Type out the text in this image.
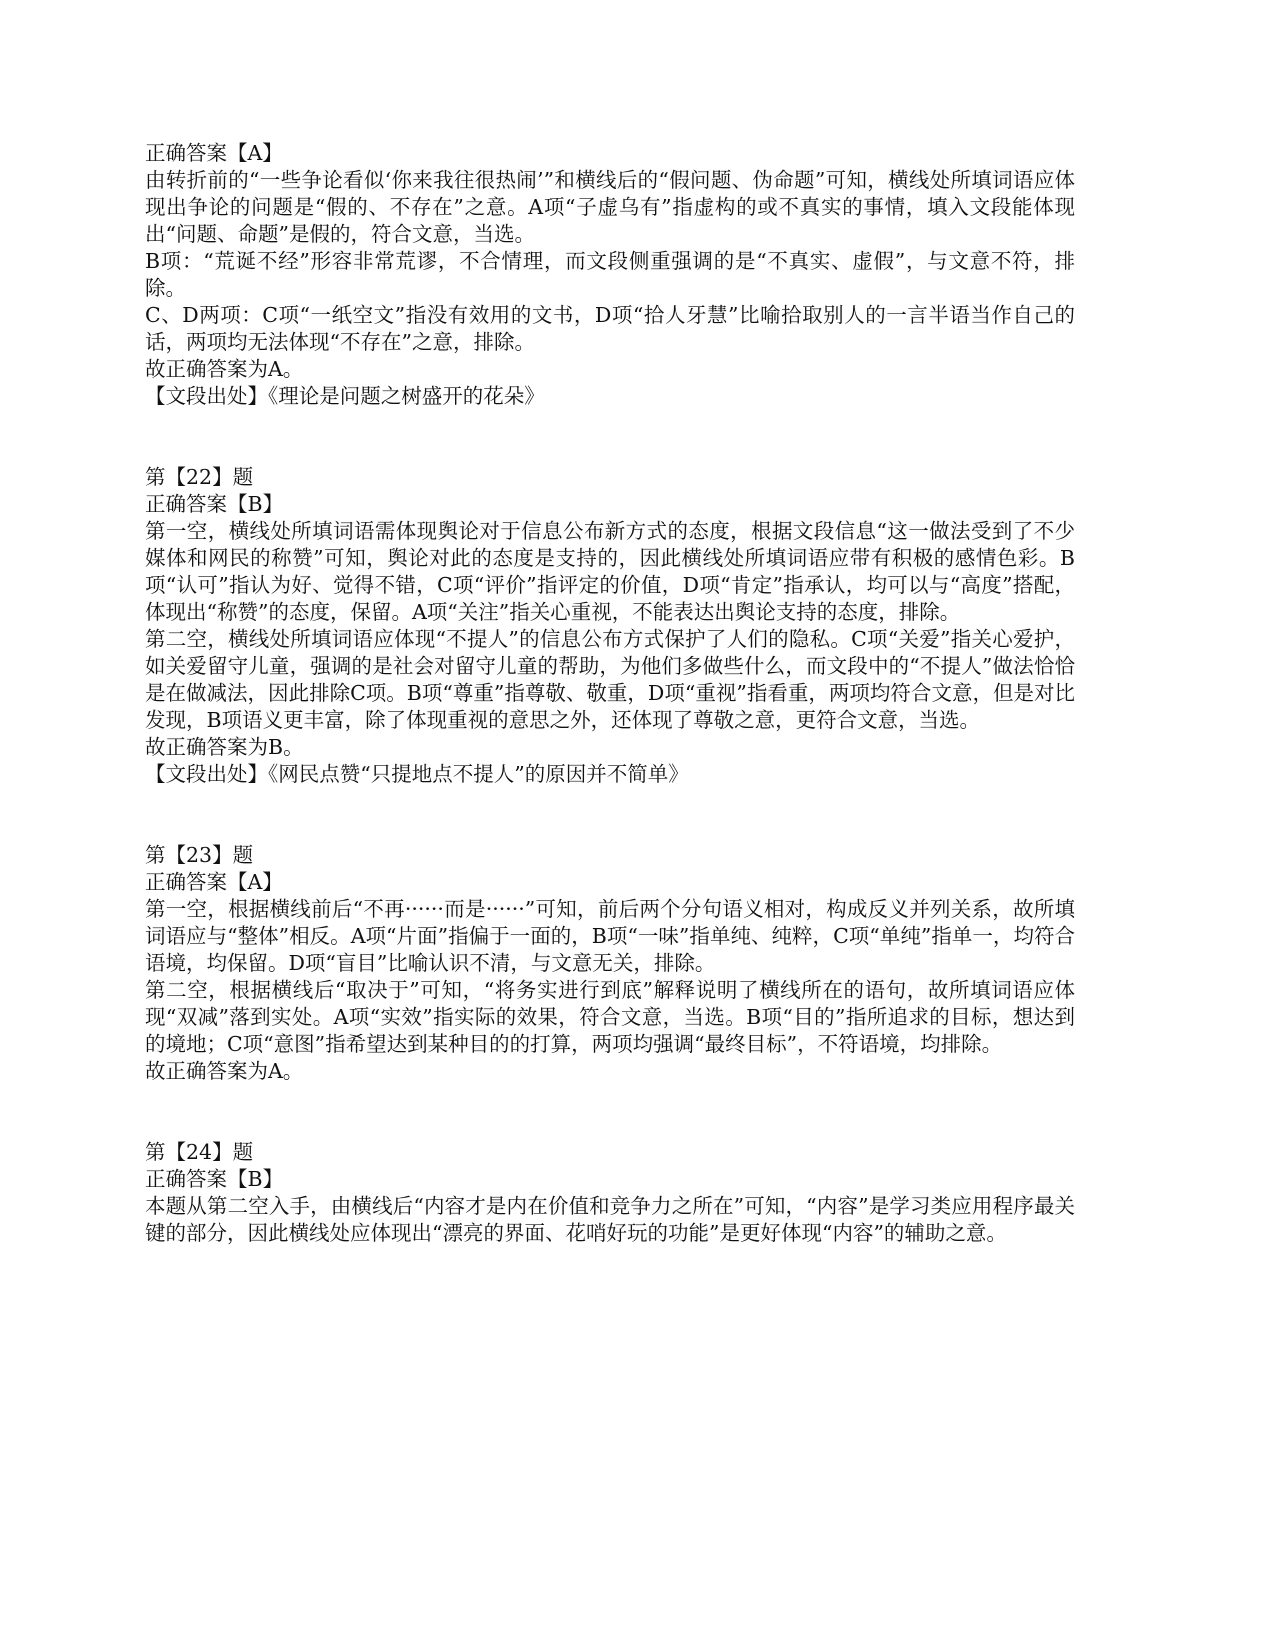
正确答案【A】
由转折前的“一些争论看似‘你来我往很热闹’”和横线后的“假问题、伪命题”可知，横线处所填词语应体现出争论的问题是“假的、不存在”之意。A项“子虚乌有”指虚构的或不真实的事情，填入文段能体现出“问题、命题”是假的，符合文意，当选。
B项：“荒诞不经”形容非常荒谬，不合情理，而文段侧重强调的是“不真实、虚假”，与文意不符，排除。
C、D两项：C项“一纸空文”指没有效用的文书，D项“拾人牙慧”比喻拾取别人的一言半语当作自己的话，两项均无法体现“不存在”之意，排除。
故正确答案为A。
【文段出处】《理论是问题之树盛开的花朵》
第【22】题
正确答案【B】
第一空，横线处所填词语需体现舆论对于信息公布新方式的态度，根据文段信息“这一做法受到了不少媒体和网民的称赞”可知，舆论对此的态度是支持的，因此横线处所填词语应带有积极的感情色彩。B项“认可”指认为好、觉得不错，C项“评价”指评定的价值，D项“肯定”指承认，均可以与“高度”搭配，体现出“称赞”的态度，保留。A项“关注”指关心重视，不能表达出舆论支持的态度，排除。
第二空，横线处所填词语应体现“不提人”的信息公布方式保护了人们的隐私。C项“关爱”指关心爱护，如关爱留守儿童，强调的是社会对留守儿童的帮助，为他们多做些什么，而文段中的“不提人”做法恰恰是在做减法，因此排除C项。B项“尊重”指尊敬、敬重，D项“重视”指看重，两项均符合文意，但是对比发现，B项语义更丰富，除了体现重视的意思之外，还体现了尊敬之意，更符合文意，当选。
故正确答案为B。
【文段出处】《网民点赞“只提地点不提人”的原因并不简单》
第【23】题
正确答案【A】
第一空，根据横线前后“不再······而是······”可知，前后两个分句语义相对，构成反义并列关系，故所填词语应与“整体”相反。A项“片面”指偏于一面的，B项“一味”指单纯、纯粹，C项“单纯”指单一，均符合语境，均保留。D项“盲目”比喻认识不清，与文意无关，排除。
第二空，根据横线后“取决于”可知，“将务实进行到底”解释说明了横线所在的语句，故所填词语应体现“双减”落到实处。A项“实效”指实际的效果，符合文意，当选。B项“目的”指所追求的目标，想达到的境地；C项“意图”指希望达到某种目的的打算，两项均强调“最终目标”，不符语境，均排除。
故正确答案为A。
第【24】题
正确答案【B】
本题从第二空入手，由横线后“内容才是内在价值和竞争力之所在”可知，“内容”是学习类应用程序最关键的部分，因此横线处应体现出“漂亮的界面、花哨好玩的功能”是更好体现“内容”的辅助之意。
